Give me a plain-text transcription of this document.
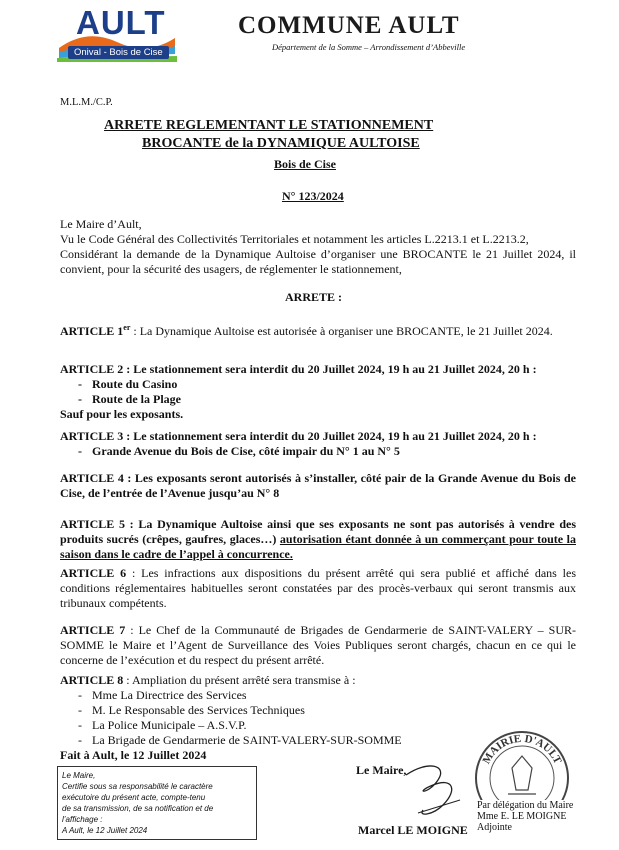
AULT
Onival - Bois de Cise
COMMUNE AULT
Département de la Somme – Arrondissement d’Abbeville
M.L.M./C.P.
ARRETE REGLEMENTANT LE STATIONNEMENT
BROCANTE de la DYNAMIQUE AULTOISE
Bois de Cise
N° 123/2024
Le Maire d’Ault,
Vu le Code Général des Collectivités Territoriales et notamment les articles L.2213.1 et L.2213.2,
Considérant la demande de la Dynamique Aultoise d’organiser une BROCANTE le 21 Juillet 2024, il convient, pour la sécurité des usagers, de réglementer le stationnement,
ARRETE :
ARTICLE 1er : La Dynamique Aultoise est autorisée à organiser une BROCANTE, le 21 Juillet 2024.
ARTICLE 2 : Le stationnement sera interdit du 20 Juillet 2024, 19 h au 21 Juillet 2024, 20 h :
- Route du Casino
- Route de la Plage
Sauf pour les exposants.
ARTICLE 3 : Le stationnement sera interdit du 20 Juillet 2024, 19 h au 21 Juillet 2024, 20 h :
- Grande Avenue du Bois de Cise, côté impair du N° 1 au N° 5
ARTICLE 4 : Les exposants seront autorisés à s’installer, côté pair de la Grande Avenue du Bois de Cise, de l’entrée de l’Avenue jusqu’au N° 8
ARTICLE 5 : La Dynamique Aultoise ainsi que ses exposants ne sont pas autorisés à vendre des produits sucrés (crêpes, gaufres, glaces…) autorisation étant donnée à un commerçant pour toute la saison dans le cadre de l’appel à concurrence.
ARTICLE 6 : Les infractions aux dispositions du présent arrêté qui sera publié et affiché dans les conditions réglementaires habituelles seront constatées par des procès-verbaux qui seront transmis aux tribunaux compétents.
ARTICLE 7 : Le Chef de la Communauté de Brigades de Gendarmerie de SAINT-VALERY – SUR-SOMME le Maire et l’Agent de Surveillance des Voies Publiques seront chargés, chacun en ce qui le concerne de l’exécution et du respect du présent arrêté.
ARTICLE 8 : Ampliation du présent arrêté sera transmise à :
- Mme La Directrice des Services
- M. Le Responsable des Services Techniques
- La Police Municipale – A.S.V.P.
- La Brigade de Gendarmerie de SAINT-VALERY-SUR-SOMME
Fait à Ault, le 12 Juillet 2024
Le Maire,
Certifie sous sa responsabilité le caractère
exécutoire du présent acte, compte-tenu
de sa transmission, de sa notification et de
l’affichage :
A Ault, le 12 Juillet 2024
Le Maire,
Marcel LE MOIGNE
MAIRIE D'AULT
Par délégation du Maire
Mme E. LE MOIGNE
Adjointe
